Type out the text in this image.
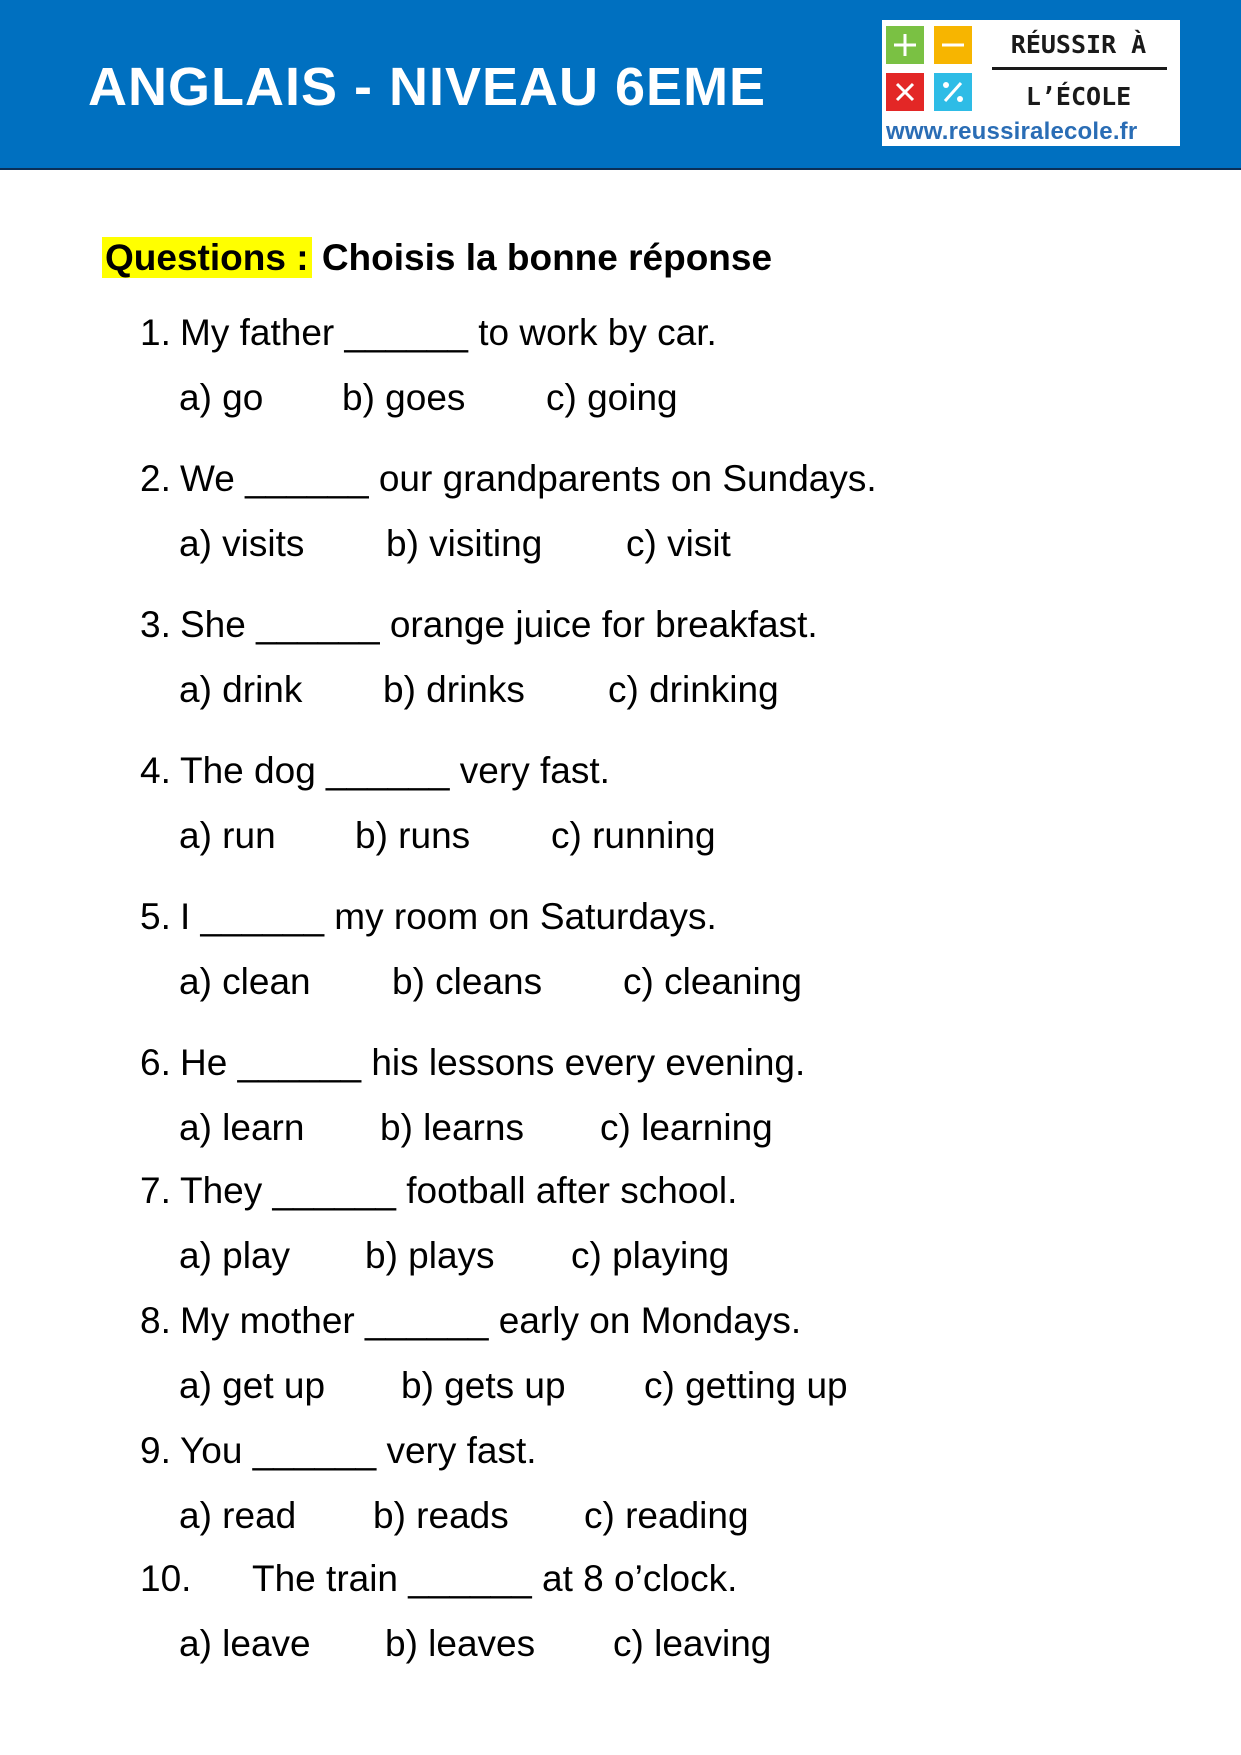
ANGLAIS - NIVEAU 6EME
RÉUSSIR À
L’ÉCOLE
www.reussiralecole.fr
Questions : Choisis la bonne réponse
1. My father ______ to work by car.
a) go b) goes c) going
2. We ______ our grandparents on Sundays.
a) visits b) visiting c) visit
3. She ______ orange juice for breakfast.
a) drink b) drinks c) drinking
4. The dog ______ very fast.
a) run b) runs c) running
5. I ______ my room on Saturdays.
a) clean b) cleans c) cleaning
6. He ______ his lessons every evening.
a) learn b) learns c) learning
7. They ______ football after school.
a) play b) plays c) playing
8. My mother ______ early on Mondays.
a) get up b) gets up c) getting up
9. You ______ very fast.
a) read b) reads c) reading
10. The train ______ at 8 o’clock.
a) leave b) leaves c) leaving
